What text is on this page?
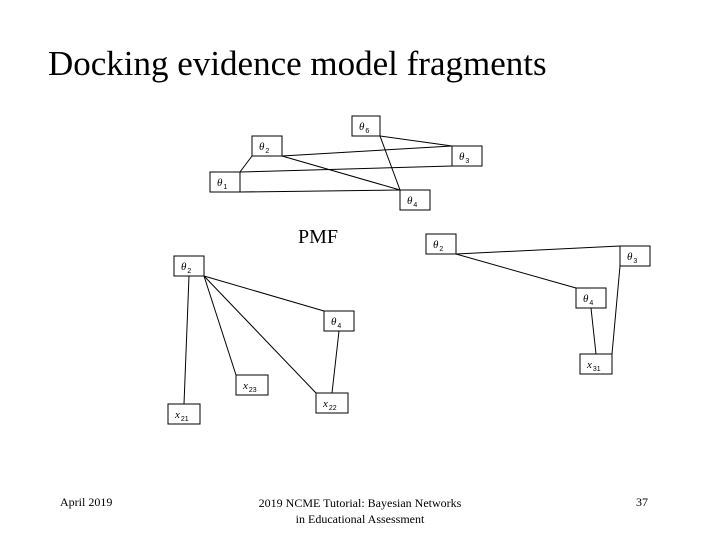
Docking evidence model fragments
$\theta_6$
$\theta_2$	$\theta_3$
$\theta_1$
$\theta_4$
$\theta_2$
$\theta_4$
$x_{23}$
$x_{22}$
$x_{21}$
$\theta_2$
$\theta_3$
$\theta_4$
$x_{31}$
PMF
April 2019	2019 NCME Tutorial: Bayesian Networks
in Educational Assessment
37
